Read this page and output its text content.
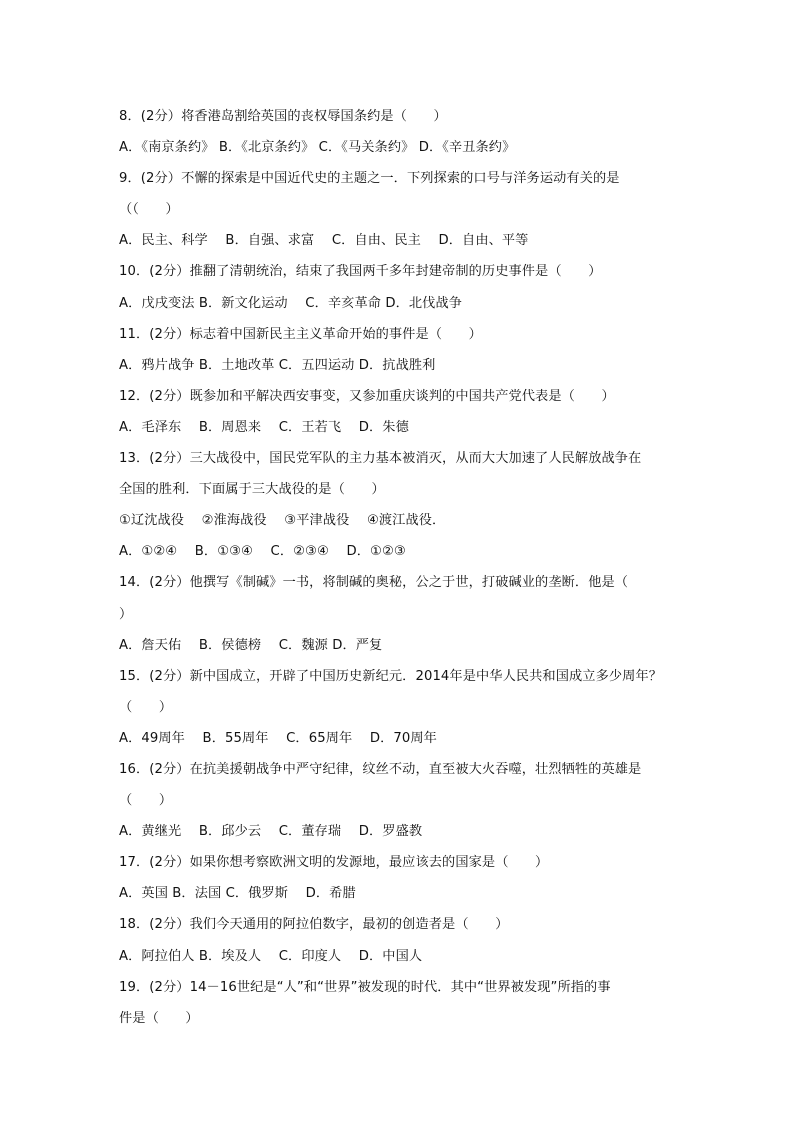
8．(2分）将香港岛割给英国的丧权辱国条约是（　　）
A．《南京条约》 B．《北京条约》 C．《马关条约》 D．《辛丑条约》
9．(2分）不懈的探索是中国近代史的主题之一．下列探索的口号与洋务运动有关的是
（（　　）
A．民主、科学　 B．自强、求富　 C．自由、民主　 D．自由、平等
10．(2分）推翻了清朝统治，结束了我国两千多年封建帝制的历史事件是（　　）
A．戊戌变法 B．新文化运动　 C．辛亥革命 D．北伐战争
11．(2分）标志着中国新民主主义革命开始的事件是（　　）
A．鸦片战争 B．土地改革 C．五四运动 D．抗战胜利
12．(2分）既参加和平解决西安事变，又参加重庆谈判的中国共产党代表是（　　）
A．毛泽东　 B．周恩来　 C．王若飞　 D．朱德
13．(2分）三大战役中，国民党军队的主力基本被消灭，从而大大加速了人民解放战争在
全国的胜利．下面属于三大战役的是（　　）
①辽沈战役　 ②淮海战役　 ③平津战役　 ④渡江战役．
A．①②④　 B．①③④　 C．②③④　 D．①②③
14．(2分）他撰写《制碱》一书，将制碱的奥秘，公之于世，打破碱业的垄断．他是（
）
A．詹天佑　 B．侯德榜　 C．魏源 D．严复
15．(2分）新中国成立，开辟了中国历史新纪元．2014年是中华人民共和国成立多少周年？
（　　）
A．49周年　 B．55周年　 C．65周年　 D．70周年
16．(2分）在抗美援朝战争中严守纪律，纹丝不动，直至被大火吞噬，壮烈牺牲的英雄是
（　　）
A．黄继光　 B．邱少云　 C．董存瑞　 D．罗盛教
17．(2分）如果你想考察欧洲文明的发源地，最应该去的国家是（　　）
A．英国 B．法国 C．俄罗斯　 D．希腊
18．(2分）我们今天通用的阿拉伯数字，最初的创造者是（　　）
A．阿拉伯人 B．埃及人　 C．印度人　 D．中国人
19．(2分）14－16世纪是“人”和“世界”被发现的时代．其中“世界被发现”所指的事
件是（　　）
